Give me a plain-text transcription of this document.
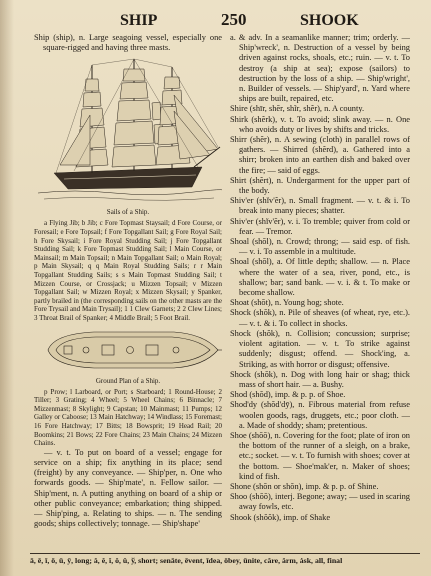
SHIP	250	SHOOK

Ship (ship), n. Large seagoing vessel, especially one square-rigged and having three masts.

Sails of a Ship.

a Flying Jib; b Jib; c Fore Topmast Staysail; d Fore Course, or Foresail; e Fore Topsail; f Fore Topgallant Sail; g Fore Royal Sail; h Fore Skysail; i Fore Royal Studding Sail; j Fore Topgallant Studding Sail; k Fore Topmast Studding Sail; l Main Course, or Mainsail; m Main Topsail; n Main Topgallant Sail; o Main Royal; p Main Skysail; q q Main Royal Studding Sails; r r Main Topgallant Studding Sails; s s Main Topmast Studding Sail; t Mizzen Course, or Crossjack; u Mizzen Topsail; v Mizzen Topgallant Sail; w Mizzen Royal; x Mizzen Skysail; y Spanker, partly brailed in (the corresponding sails on the other masts are the Fore Trysail and Main Trysail); 1 1 Clew Garnets; 2 2 Clew Lines; 3 Throat Brail of Spanker; 4 Middle Brail; 5 Foot Brail.

Ground Plan of a Ship.

p Prow; l Larboard, or Port; s Starboard; 1 Round-House; 2 Tiller; 3 Grating; 4 Wheel; 5 Wheel Chains; 6 Binnacle; 7 Mizzenmast; 8 Skylight; 9 Capstan; 10 Mainmast; 11 Pumps; 12 Galley or Caboose; 13 Main Hatchway; 14 Windlass; 15 Foremast; 16 Fore Hatchway; 17 Bitts; 18 Bowsprit; 19 Head Rail; 20 Boomkins; 21 Bows; 22 Fore Chains; 23 Main Chains; 24 Mizzen Chains.

— v. t. To put on board of a vessel; engage for service on a ship; fix anything in its place; send (freight) by any conveyance. — Ship'per, n. One who forwards goods. — Ship'mate', n. Fellow sailor. — Ship'ment, n. A putting anything on board of a ship or other public conveyance; embarkation; thing shipped. — Ship'ping, a. Relating to ships. — n. The sending goods; ships collectively; tonnage. — Ship'shape'

a. & adv. In a seamanlike manner; trim; orderly. — Ship'wreck', n. Destruction of a vessel by being driven against rocks, shoals, etc.; ruin. — v. t. To destroy (a ship at sea); expose (sailors) to destruction by the loss of a ship. — Ship'wright', n. Builder of vessels. — Ship'yard', n. Yard where ships are built, repaired, etc.

Shire (shīr, shēr, shĩr, shẽr), n. A county.

Shirk (shẽrk), v. t. To avoid; slink away. — n. One who avoids duty or lives by shifts and tricks.

Shirr (shẽr), n. A sewing (cloth) in parallel rows of gathers. — Shirred (shẽrd), a. Gathered into a shirr; broken into an earthen dish and baked over the fire; — said of eggs.

Shirt (shẽrt), n. Undergarment for the upper part of the body.

Shiv'er (shĭv'ẽr), n. Small fragment. — v. t. & i. To break into many pieces; shatter.

Shiv'er (shĭv'ẽr), v. i. To tremble; quiver from cold or fear. — Tremor.

Shoal (shōl), n. Crowd; throng; — said esp. of fish. — v. i. To assemble in a multitude.

Shoal (shōl), a. Of little depth; shallow. — n. Place where the water of a sea, river, pond, etc., is shallow; bar; sand bank. — v. i. & t. To make or become shallow.

Shoat (shōt), n. Young hog; shote.

Shock (shŏk), n. Pile of sheaves (of wheat, rye, etc.). — v. t. & i. To collect in shocks.

Shock (shŏk), n. Collision; concussion; surprise; violent agitation. — v. t. To strike against suddenly; disgust; offend. — Shock'ing, a. Striking, as with horror or disgust; offensive.

Shock (shŏk), n. Dog with long hair or shag; thick mass of short hair. — a. Bushy.

Shod (shŏd), imp. & p. p. of Shoe.

Shod'dy (shŏd'dȳ), n. Fibrous material from refuse woolen goods, rags, druggets, etc.; poor cloth. — a. Made of shoddy; sham; pretentious.

Shoe (shōō), n. Covering for the foot; plate of iron on the bottom of the runner of a sleigh, on a brake, etc.; socket. — v. t. To furnish with shoes; cover at the bottom. — Shoe'mak'er, n. Maker of shoes; kind of fish.

Shone (shōn or shŏn), imp. & p. p. of Shine.

Shoo (shōō), interj. Begone; away; — used in scaring away fowls, etc.

Shook (shŏŏk), imp. of Shake

ā, ē, ī, ō, ū, ȳ, long; ă, ĕ, ĭ, ŏ, ŭ, ў, short; senāte, ēvent, īdea, ōbey, ūnite, câre, ärm, ȧsk, all, final
